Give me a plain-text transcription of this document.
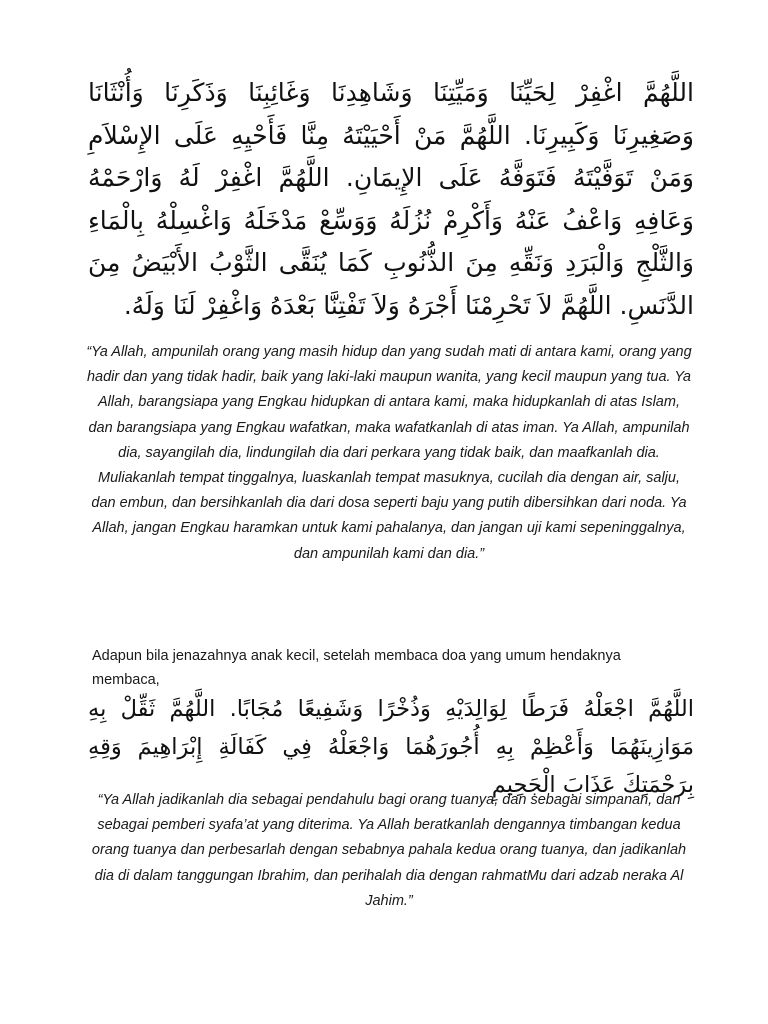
اللَّهُمَّ اغْفِرْ لِحَيِّنَا وَمَيِّتِنَا وَشَاهِدِنَا وَغَائِبِنَا وَذَكَرِنَا وَأُنْثَانَا وَصَغِيرِنَا وَكَبِيرِنَا. اللَّهُمَّ مَنْ أَحْيَيْتَهُ مِنَّا فَأَحْيِهِ عَلَى الإِسْلاَمِ وَمَنْ تَوَفَّيْتَهُ فَتَوَفَّهُ عَلَى الإِيمَانِ. اللَّهُمَّ اغْفِرْ لَهُ وَارْحَمْهُ وَعَافِهِ وَاعْفُ عَنْهُ وَأَكْرِمْ نُزُلَهُ وَوَسِّعْ مَدْخَلَهُ وَاغْسِلْهُ بِالْمَاءِ وَالثَّلْجِ وَالْبَرَدِ وَنَقِّهِ مِنَ الذُّنُوبِ كَمَا يُنَقَّى الثَّوْبُ الأَبْيَضُ مِنَ الدَّنَسِ. اللَّهُمَّ لاَ تَحْرِمْنَا أَجْرَهُ وَلاَ تَفْتِنَّا بَعْدَهُ وَاغْفِرْ لَنَا وَلَهُ.
“Ya Allah, ampunilah orang yang masih hidup dan yang sudah mati di antara kami, orang yang hadir dan yang tidak hadir, baik yang laki-laki maupun wanita, yang kecil maupun yang tua. Ya Allah, barangsiapa yang Engkau hidupkan di antara kami, maka hidupkanlah di atas Islam, dan barangsiapa yang Engkau wafatkan, maka wafatkanlah di atas iman. Ya Allah, ampunilah dia, sayangilah dia, lindungilah dia dari perkara yang tidak baik, dan maafkanlah dia. Muliakanlah tempat tinggalnya, luaskanlah tempat masuknya, cucilah dia dengan air, salju, dan embun, dan bersihkanlah dia dari dosa seperti baju yang putih dibersihkan dari noda. Ya Allah, jangan Engkau haramkan untuk kami pahalanya, dan jangan uji kami sepeninggalnya, dan ampunilah kami dan dia.”
Adapun bila jenazahnya anak kecil, setelah membaca doa yang umum hendaknya membaca,
اللَّهُمَّ اجْعَلْهُ فَرَطًا لِوَالِدَيْهِ وَذُخْرًا وَشَفِيعًا مُجَابًا. اللَّهُمَّ ثَقِّلْ بِهِ مَوَازِينَهُمَا وَأَعْظِمْ بِهِ أُجُورَهُمَا وَاجْعَلْهُ فِي كَفَالَةِ إِبْرَاهِيمَ وَقِهِ بِرَحْمَتِكَ عَذَابَ الْجَحِيمِ
“Ya Allah jadikanlah dia sebagai pendahulu bagi orang tuanya, dan sebagai simpanan, dan sebagai pemberi syafa’at yang diterima. Ya Allah beratkanlah dengannya timbangan kedua orang tuanya dan perbesarlah dengan sebabnya pahala kedua orang tuanya, dan jadikanlah dia di dalam tanggungan Ibrahim, dan perihalah dia dengan rahmatMu dari adzab neraka Al Jahim.”
